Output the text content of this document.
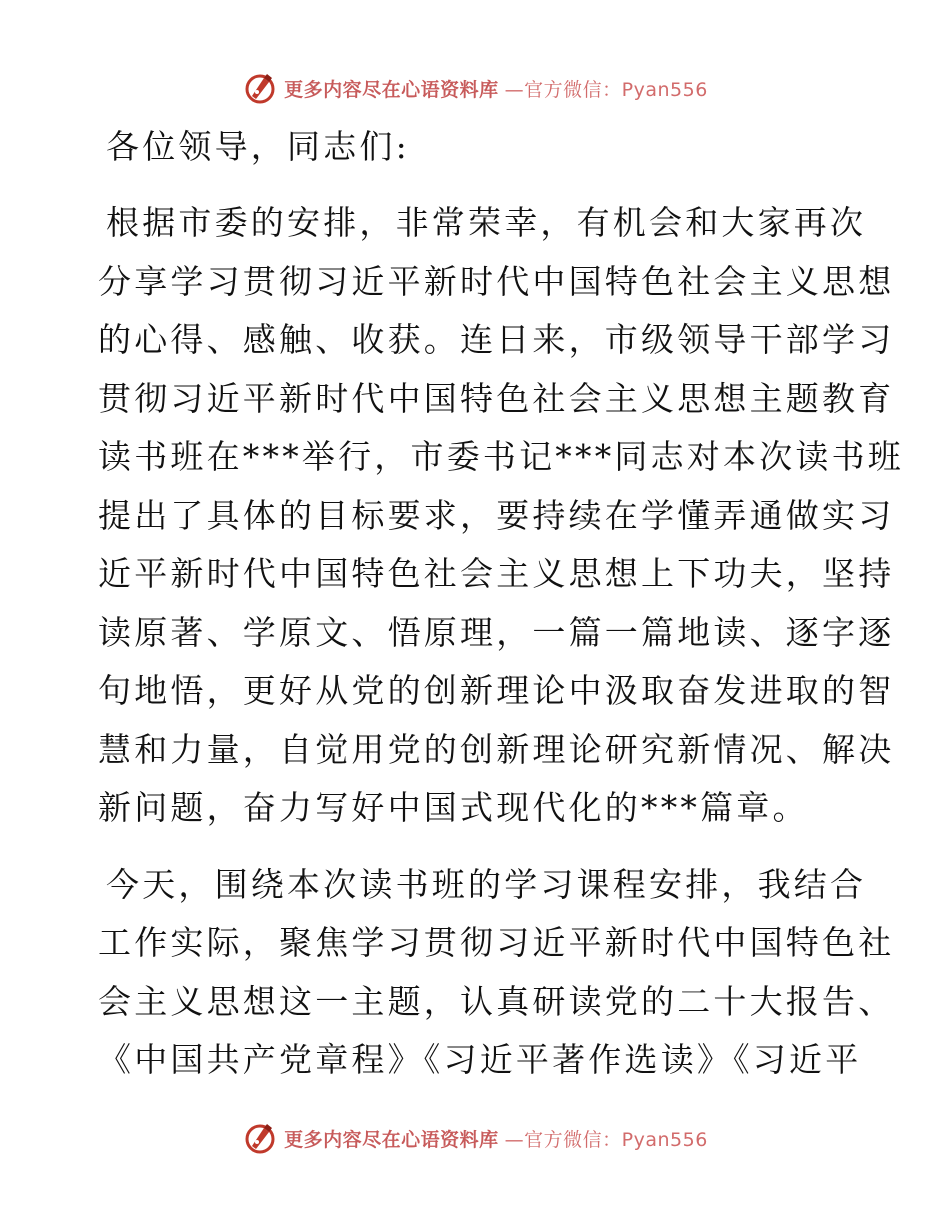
更多内容尽在心语资料库 —官方微信：Pyan556

各位领导，同志们:

根据市委的安排，非常荣幸，有机会和大家再次
分享学习贯彻习近平新时代中国特色社会主义思想
的心得、感触、收获。连日来，市级领导干部学习
贯彻习近平新时代中国特色社会主义思想主题教育
读书班在***举行，市委书记***同志对本次读书班
提出了具体的目标要求，要持续在学懂弄通做实习
近平新时代中国特色社会主义思想上下功夫，坚持
读原著、学原文、悟原理，一篇一篇地读、逐字逐
句地悟，更好从党的创新理论中汲取奋发进取的智
慧和力量，自觉用党的创新理论研究新情况、解决
新问题，奋力写好中国式现代化的***篇章。
今天，围绕本次读书班的学习课程安排，我结合
工作实际，聚焦学习贯彻习近平新时代中国特色社
会主义思想这一主题，认真研读党的二十大报告、
《中国共产党章程》《习近平著作选读》《习近平
更多内容尽在心语资料库 —官方微信：Pyan556
